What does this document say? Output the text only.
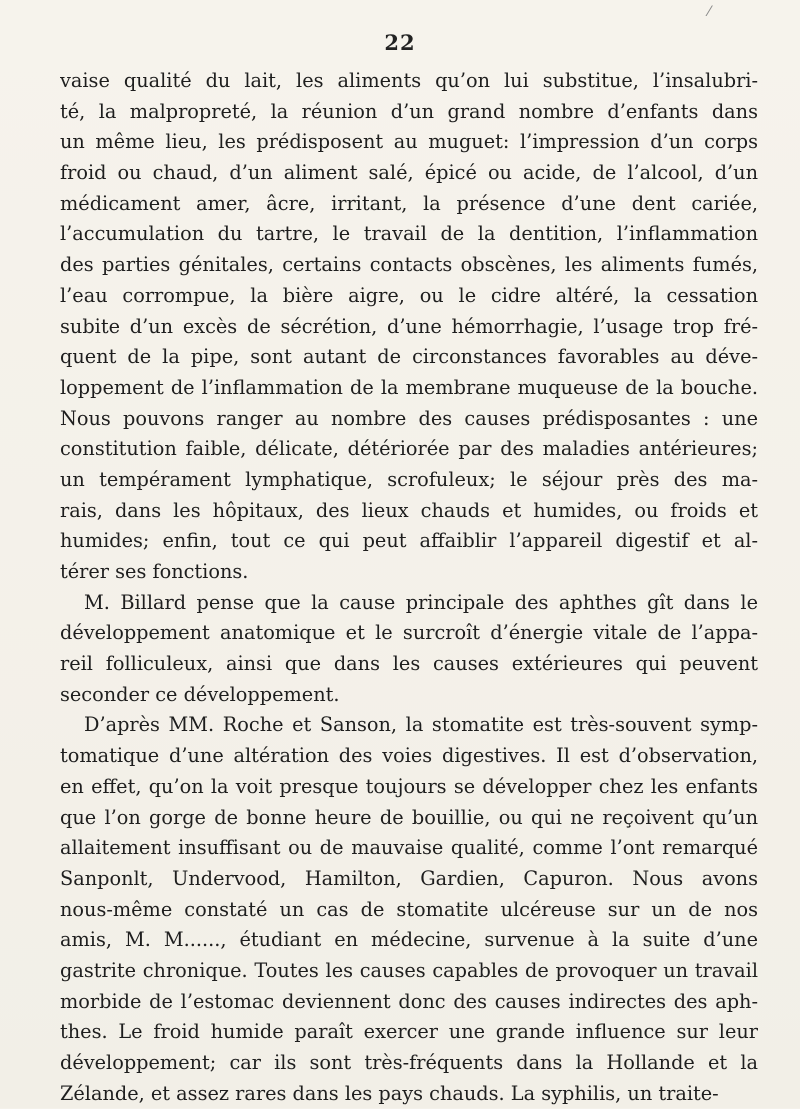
⁄
22
vaise qualité du lait, les aliments qu’on lui substitue, l’insalubri-
té, la malpropreté, la réunion d’un grand nombre d’enfants dans
un même lieu, les prédisposent au muguet: l’impression d’un corps
froid ou chaud, d’un aliment salé, épicé ou acide, de l’alcool, d’un
médicament amer, âcre, irritant, la présence d’une dent cariée,
l’accumulation du tartre, le travail de la dentition, l’inflammation
des parties génitales, certains contacts obscènes, les aliments fumés,
l’eau corrompue, la bière aigre, ou le cidre altéré, la cessation
subite d’un excès de sécrétion, d’une hémorrhagie, l’usage trop fré-
quent de la pipe, sont autant de circonstances favorables au déve-
loppement de l’inflammation de la membrane muqueuse de la bouche.
Nous pouvons ranger au nombre des causes prédisposantes : une
constitution faible, délicate, détériorée par des maladies antérieures;
un tempérament lymphatique, scrofuleux; le séjour près des ma-
rais, dans les hôpitaux, des lieux chauds et humides, ou froids et
humides; enfin, tout ce qui peut affaiblir l’appareil digestif et al-
térer ses fonctions.
M. Billard pense que la cause principale des aphthes gît dans le
développement anatomique et le surcroît d’énergie vitale de l’appa-
reil folliculeux, ainsi que dans les causes extérieures qui peuvent
seconder ce développement.
D’après MM. Roche et Sanson, la stomatite est très-souvent symp-
tomatique d’une altération des voies digestives. Il est d’observation,
en effet, qu’on la voit presque toujours se développer chez les enfants
que l’on gorge de bonne heure de bouillie, ou qui ne reçoivent qu’un
allaitement insuffisant ou de mauvaise qualité, comme l’ont remarqué
Sanponlt, Undervood, Hamilton, Gardien, Capuron. Nous avons
nous-même constaté un cas de stomatite ulcéreuse sur un de nos
amis, M. M......, étudiant en médecine, survenue à la suite d’une
gastrite chronique. Toutes les causes capables de provoquer un travail
morbide de l’estomac deviennent donc des causes indirectes des aph-
thes. Le froid humide paraît exercer une grande influence sur leur
développement; car ils sont très-fréquents dans la Hollande et la
Zélande, et assez rares dans les pays chauds. La syphilis, un traite-
